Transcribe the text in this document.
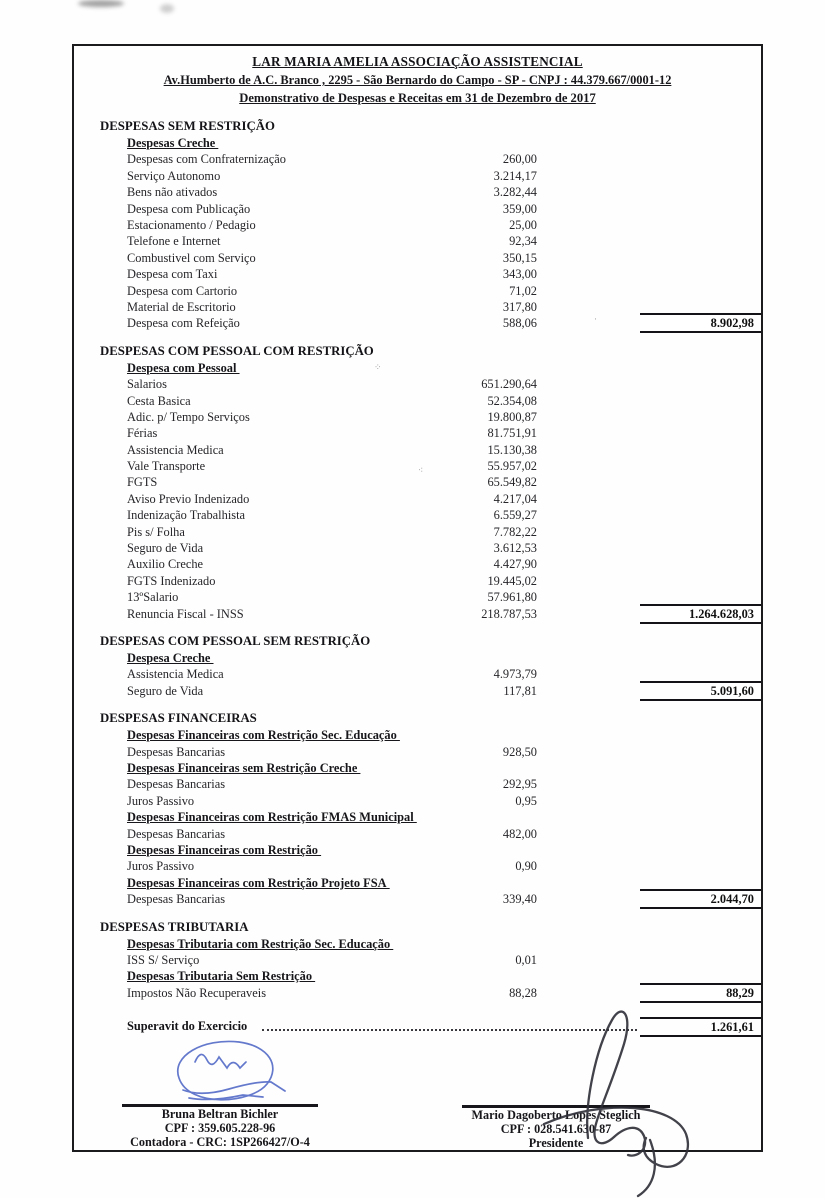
LAR MARIA AMELIA ASSOCIAÇÃO ASSISTENCIAL
Av.Humberto de A.C. Branco , 2295 - São Bernardo do Campo - SP - CNPJ : 44.379.667/0001-12
Demonstrativo de Despesas e Receitas em 31 de Dezembro de 2017
DESPESAS SEM RESTRIÇÃO
Despesas Creche
Despesas com Confraternização	260,00
Serviço Autonomo	3.214,17
Bens não ativados	3.282,44
Despesa com Publicação	359,00
Estacionamento / Pedagio	25,00
Telefone e Internet	92,34
Combustivel com Serviço	350,15
Despesa com Taxi	343,00
Despesa com Cartorio	71,02
Material de Escritorio	317,80
Despesa com Refeição	588,06	8.902,98
DESPESAS COM PESSOAL COM RESTRIÇÃO
Despesa com Pessoal
Salarios	651.290,64
Cesta Basica	52.354,08
Adic. p/ Tempo Serviços	19.800,87
Férias	81.751,91
Assistencia Medica	15.130,38
Vale Transporte	55.957,02
FGTS	65.549,82
Aviso Previo Indenizado	4.217,04
Indenização Trabalhista	6.559,27
Pis s/ Folha	7.782,22
Seguro de Vida	3.612,53
Auxilio Creche	4.427,90
FGTS Indenizado	19.445,02
13ºSalario	57.961,80
Renuncia Fiscal - INSS	218.787,53	1.264.628,03
DESPESAS COM PESSOAL SEM RESTRIÇÃO
Despesa Creche
Assistencia Medica	4.973,79
Seguro de Vida	117,81	5.091,60
DESPESAS FINANCEIRAS
Despesas Financeiras com Restrição Sec. Educação
Despesas Bancarias	928,50
Despesas Financeiras sem Restrição Creche
Despesas Bancarias	292,95
Juros Passivo	0,95
Despesas Financeiras com Restrição FMAS Municipal
Despesas Bancarias	482,00
Despesas Financeiras com Restrição
Juros Passivo	0,90
Despesas Financeiras com Restrição Projeto FSA
Despesas Bancarias	339,40	2.044,70
DESPESAS TRIBUTARIA
Despesas Tributaria com Restrição Sec. Educação
ISS S/ Serviço	0,01
Despesas Tributaria Sem Restrição
Impostos Não Recuperaveis	88,28	88,29
Superavit do Exercicio	1.261,61
Bruna Beltran Bichler
CPF : 359.605.228-96
Contadora - CRC: 1SP266427/O-4
Mario Dagoberto Lopes Steglich
CPF : 028.541.630-87
Presidente
⁘
⁖
·
